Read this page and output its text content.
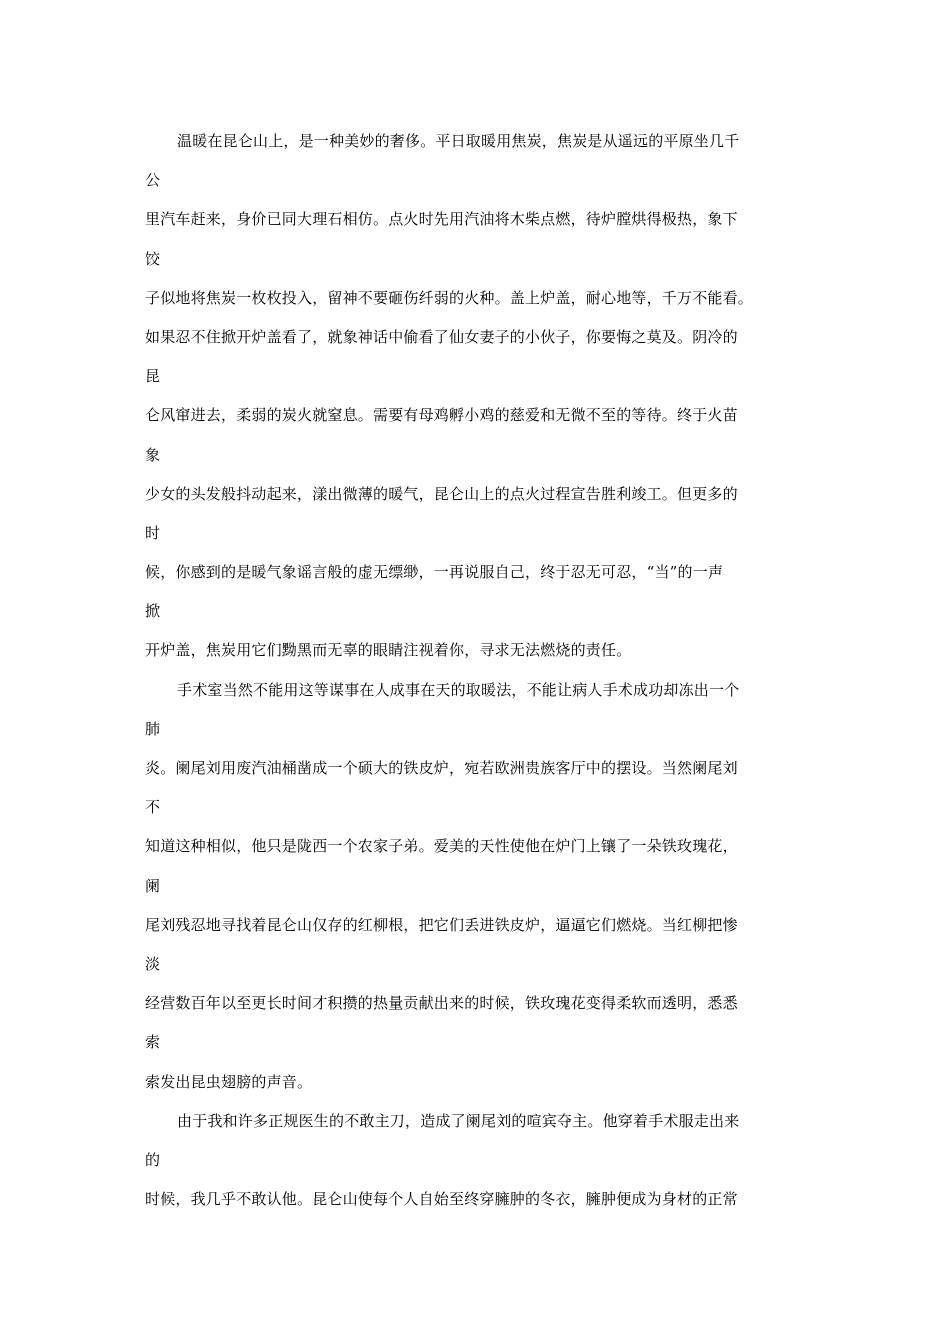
温暖在昆仑山上，是一种美妙的奢侈。平日取暖用焦炭，焦炭是从遥远的平原坐几千
公
里汽车赶来，身价已同大理石相仿。点火时先用汽油将木柴点燃，待炉膛烘得极热，象下
饺
子似地将焦炭一枚枚投入，留神不要砸伤纤弱的火种。盖上炉盖，耐心地等，千万不能看。
如果忍不住掀开炉盖看了，就象神话中偷看了仙女妻子的小伙子，你要悔之莫及。阴冷的
昆
仑风窜进去，柔弱的炭火就窒息。需要有母鸡孵小鸡的慈爱和无微不至的等待。终于火苗
象
少女的头发般抖动起来，漾出微薄的暖气，昆仑山上的点火过程宣告胜利竣工。但更多的
时
候，你感到的是暖气象谣言般的虚无缥缈，一再说服自己，终于忍无可忍，“当”的一声
掀
开炉盖，焦炭用它们黝黑而无辜的眼睛注视着你，寻求无法燃烧的责任。
手术室当然不能用这等谋事在人成事在天的取暖法，不能让病人手术成功却冻出一个
肺
炎。阑尾刘用废汽油桶凿成一个硕大的铁皮炉，宛若欧洲贵族客厅中的摆设。当然阑尾刘
不
知道这种相似，他只是陇西一个农家子弟。爱美的天性使他在炉门上镶了一朵铁玫瑰花，
阑
尾刘残忍地寻找着昆仑山仅存的红柳根，把它们丢进铁皮炉，逼逼它们燃烧。当红柳把惨
淡
经营数百年以至更长时间才积攒的热量贡献出来的时候，铁玫瑰花变得柔软而透明，悉悉
索
索发出昆虫翅膀的声音。
由于我和许多正规医生的不敢主刀，造成了阑尾刘的喧宾夺主。他穿着手术服走出来
的
时候，我几乎不敢认他。昆仑山使每个人自始至终穿臃肿的冬衣，臃肿便成为身材的正常
